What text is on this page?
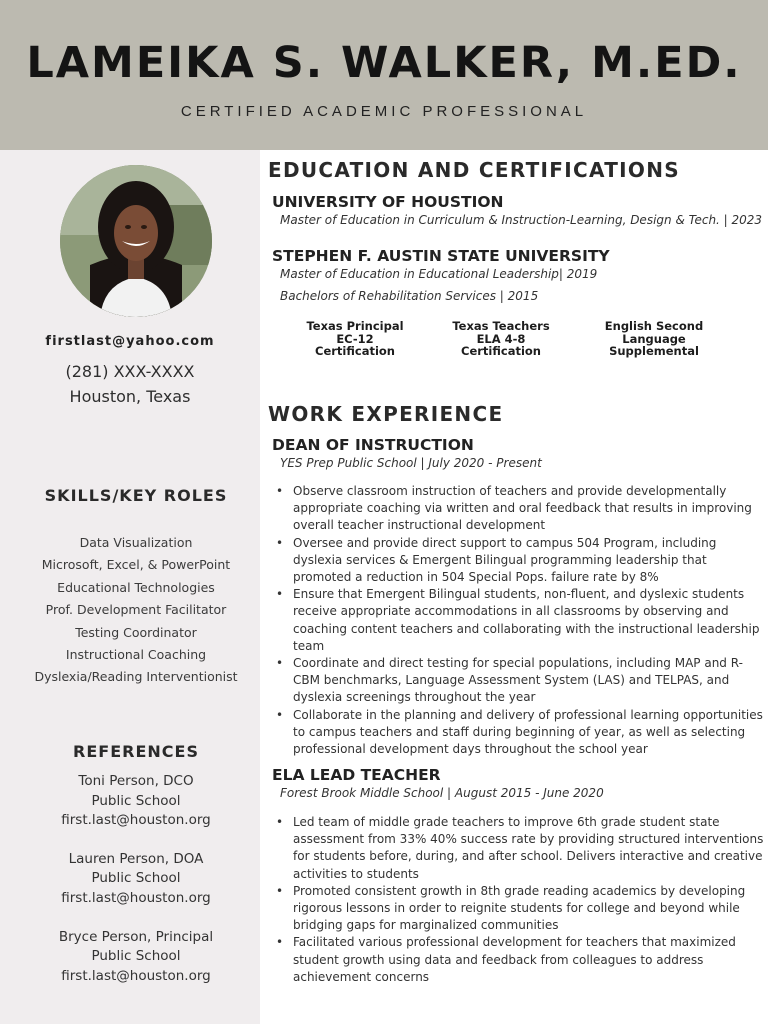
LAMEIKA S. WALKER, M.ED.
CERTIFIED ACADEMIC PROFESSIONAL
firstlast@yahoo.com
(281) XXX-XXXX
Houston, Texas
SKILLS/KEY ROLES
Data Visualization
Microsoft, Excel, & PowerPoint
Educational Technologies
Prof. Development Facilitator
Testing Coordinator
Instructional Coaching
Dyslexia/Reading Interventionist
REFERENCES
Toni Person, DCO
Public School
first.last@houston.org
Lauren Person, DOA
Public School
first.last@houston.org
Bryce Person, Principal
Public School
first.last@houston.org
EDUCATION AND CERTIFICATIONS
UNIVERSITY OF HOUSTION
Master of Education in Curriculum & Instruction-Learning, Design & Tech. | 2023
STEPHEN F. AUSTIN STATE UNIVERSITY
Master of Education in Educational Leadership| 2019
Bachelors of Rehabilitation Services | 2015
Texas Principal
EC-12
Certification
Texas Teachers
ELA 4-8
Certification
English Second
Language
Supplemental
WORK EXPERIENCE
DEAN OF INSTRUCTION
YES Prep Public School | July 2020 - Present
• Observe classroom instruction of teachers and provide developmentally appropriate coaching via written and oral feedback that results in improving overall teacher instructional development
• Oversee and provide direct support to campus 504 Program, including dyslexia services & Emergent Bilingual programming leadership that promoted a reduction in 504 Special Pops. failure rate by 8%
• Ensure that Emergent Bilingual students, non-fluent, and dyslexic students receive appropriate accommodations in all classrooms by observing and coaching content teachers and collaborating with the instructional leadership team
• Coordinate and direct testing for special populations, including MAP and R-CBM benchmarks, Language Assessment System (LAS) and TELPAS, and dyslexia screenings throughout the year
• Collaborate in the planning and delivery of professional learning opportunities to campus teachers and staff during beginning of year, as well as selecting professional development days throughout the school year
ELA LEAD TEACHER
Forest Brook Middle School | August 2015 - June 2020
• Led team of middle grade teachers to improve 6th grade student state assessment from 33% 40% success rate by providing structured interventions for students before, during, and after school. Delivers interactive and creative activities to students
• Promoted consistent growth in 8th grade reading academics by developing rigorous lessons in order to reignite students for college and beyond while bridging gaps for marginalized communities
• Facilitated various professional development for teachers that maximized student growth using data and feedback from colleagues to address achievement concerns
